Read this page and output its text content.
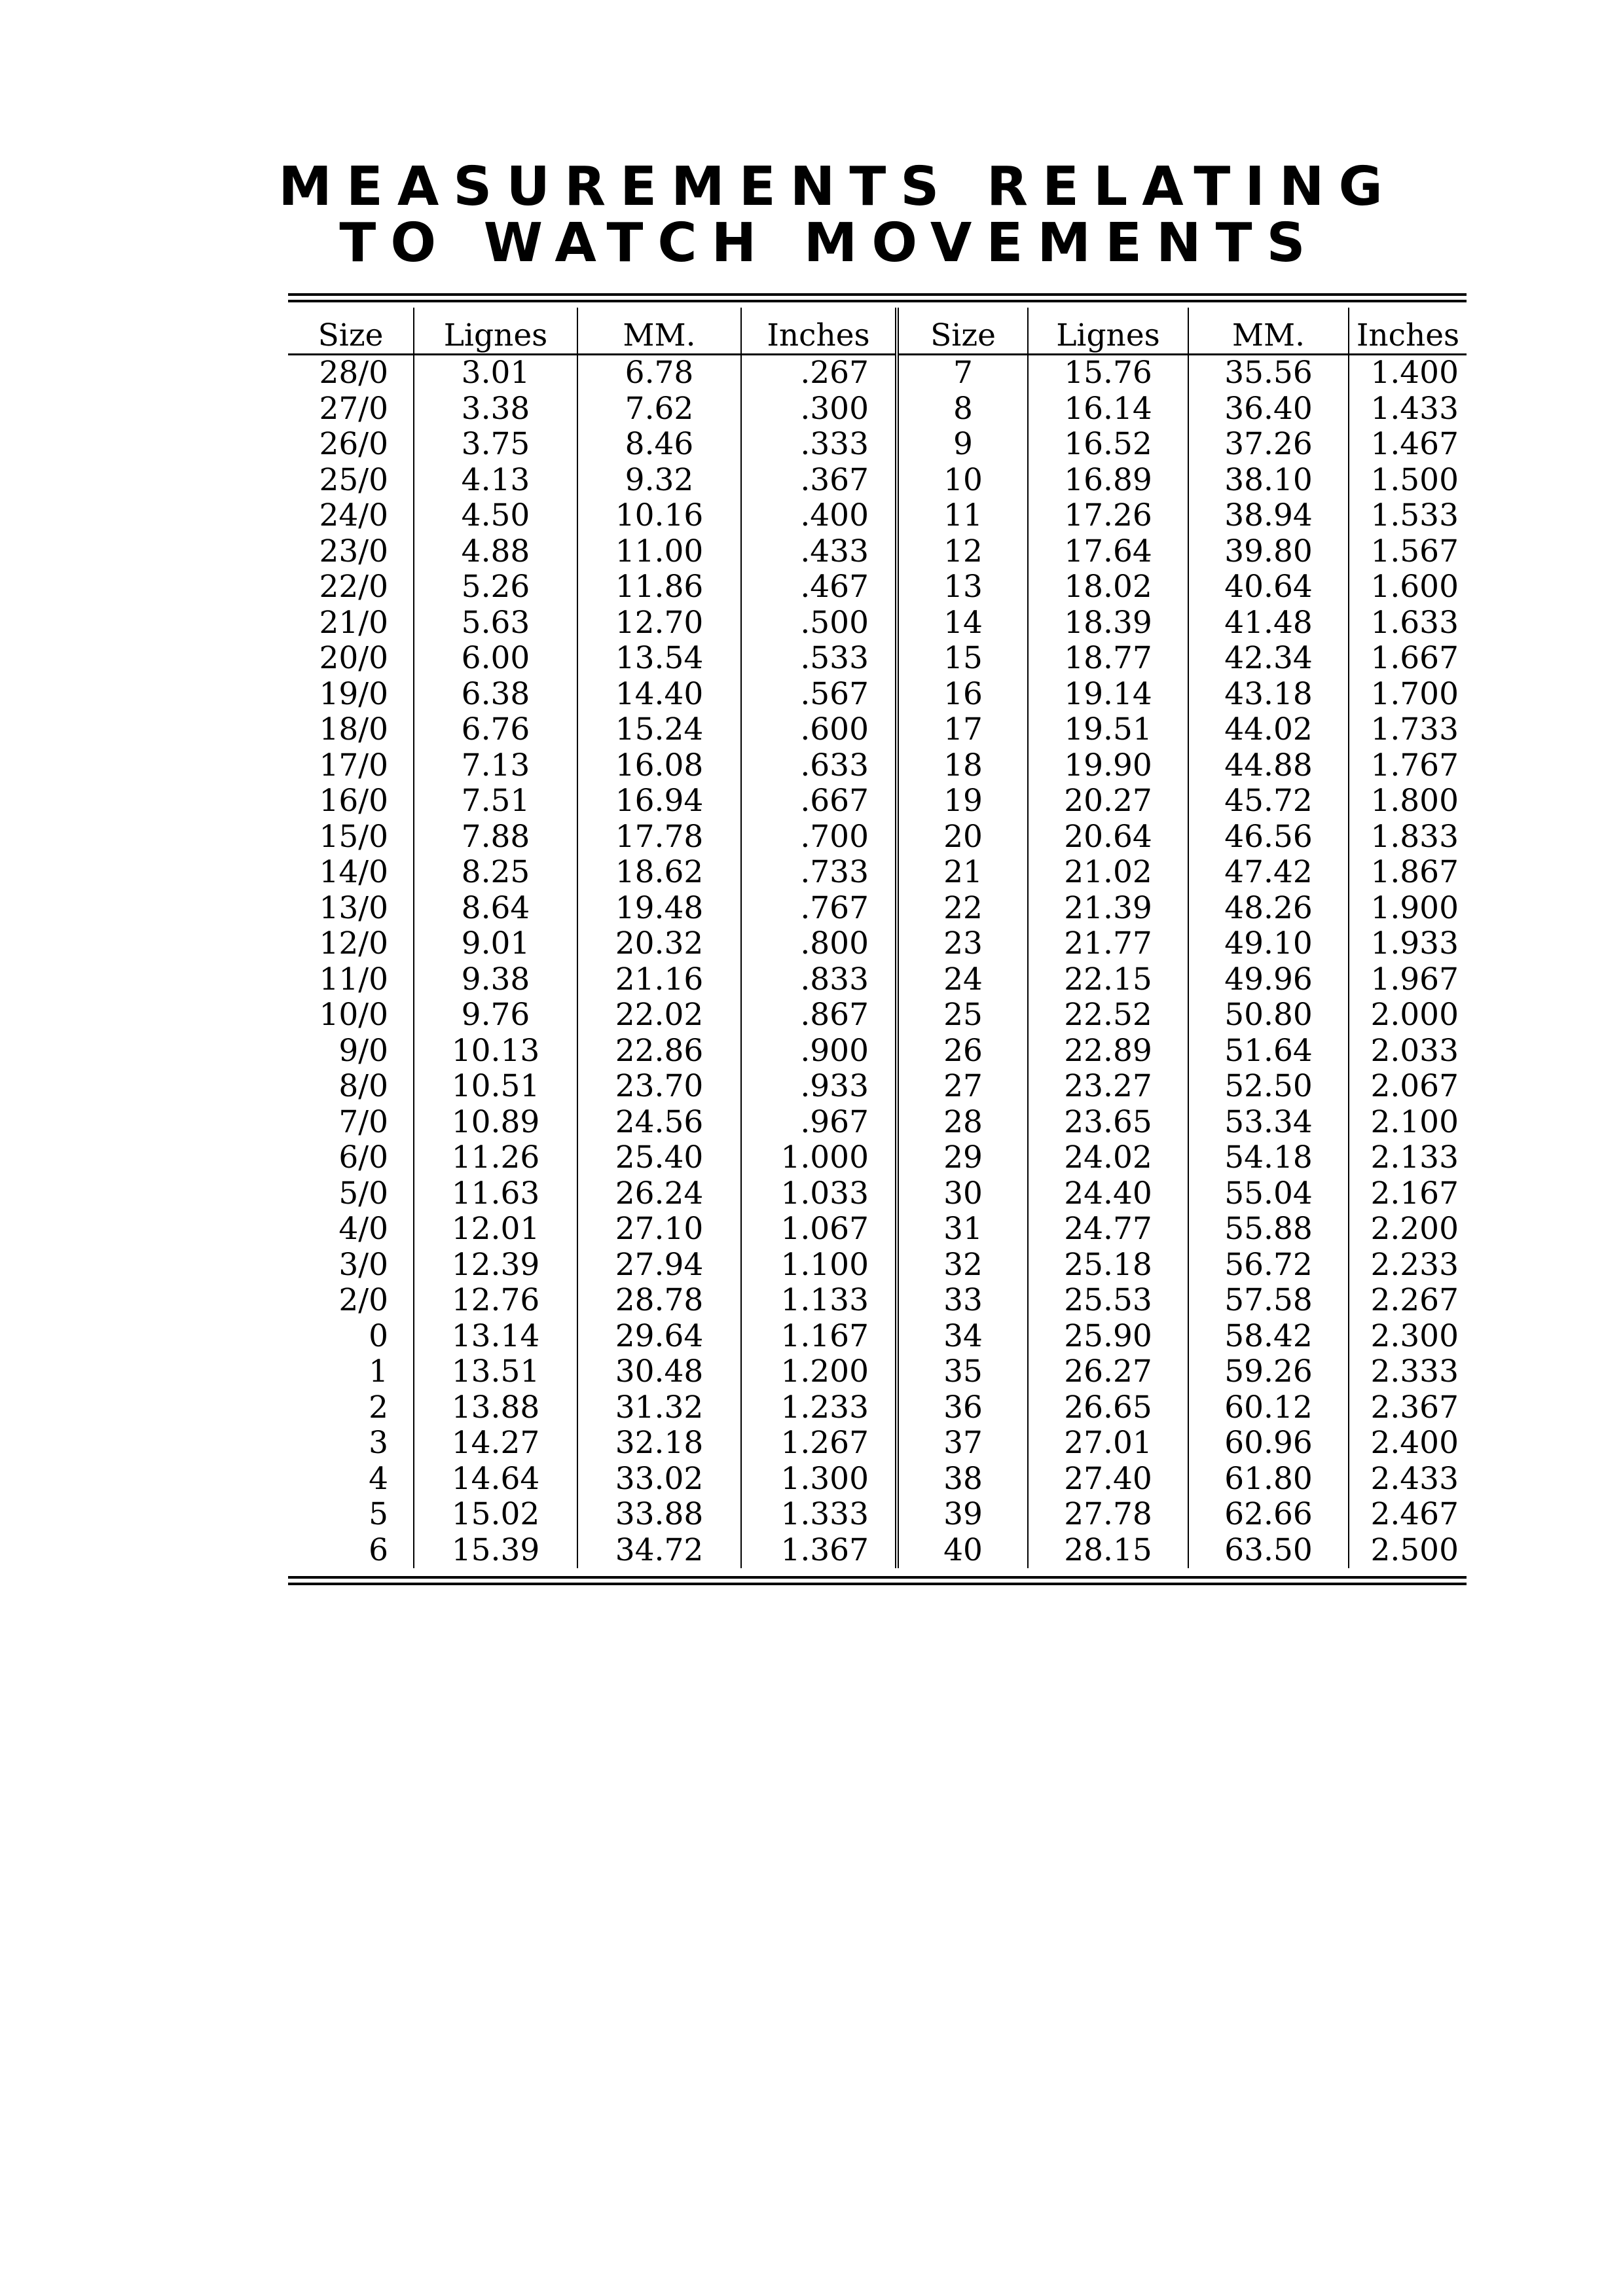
MEASUREMENTS RELATING
TO WATCH MOVEMENTS
Size	Lignes	MM.	Inches	Size	Lignes	MM.	Inches
28/0	3.01	6.78	.267	7	15.76	35.56	1.400
27/0	3.38	7.62	.300	8	16.14	36.40	1.433
26/0	3.75	8.46	.333	9	16.52	37.26	1.467
25/0	4.13	9.32	.367	10	16.89	38.10	1.500
24/0	4.50	10.16	.400	11	17.26	38.94	1.533
23/0	4.88	11.00	.433	12	17.64	39.80	1.567
22/0	5.26	11.86	.467	13	18.02	40.64	1.600
21/0	5.63	12.70	.500	14	18.39	41.48	1.633
20/0	6.00	13.54	.533	15	18.77	42.34	1.667
19/0	6.38	14.40	.567	16	19.14	43.18	1.700
18/0	6.76	15.24	.600	17	19.51	44.02	1.733
17/0	7.13	16.08	.633	18	19.90	44.88	1.767
16/0	7.51	16.94	.667	19	20.27	45.72	1.800
15/0	7.88	17.78	.700	20	20.64	46.56	1.833
14/0	8.25	18.62	.733	21	21.02	47.42	1.867
13/0	8.64	19.48	.767	22	21.39	48.26	1.900
12/0	9.01	20.32	.800	23	21.77	49.10	1.933
11/0	9.38	21.16	.833	24	22.15	49.96	1.967
10/0	9.76	22.02	.867	25	22.52	50.80	2.000
9/0	10.13	22.86	.900	26	22.89	51.64	2.033
8/0	10.51	23.70	.933	27	23.27	52.50	2.067
7/0	10.89	24.56	.967	28	23.65	53.34	2.100
6/0	11.26	25.40	1.000	29	24.02	54.18	2.133
5/0	11.63	26.24	1.033	30	24.40	55.04	2.167
4/0	12.01	27.10	1.067	31	24.77	55.88	2.200
3/0	12.39	27.94	1.100	32	25.18	56.72	2.233
2/0	12.76	28.78	1.133	33	25.53	57.58	2.267
0	13.14	29.64	1.167	34	25.90	58.42	2.300
1	13.51	30.48	1.200	35	26.27	59.26	2.333
2	13.88	31.32	1.233	36	26.65	60.12	2.367
3	14.27	32.18	1.267	37	27.01	60.96	2.400
4	14.64	33.02	1.300	38	27.40	61.80	2.433
5	15.02	33.88	1.333	39	27.78	62.66	2.467
6	15.39	34.72	1.367	40	28.15	63.50	2.500
